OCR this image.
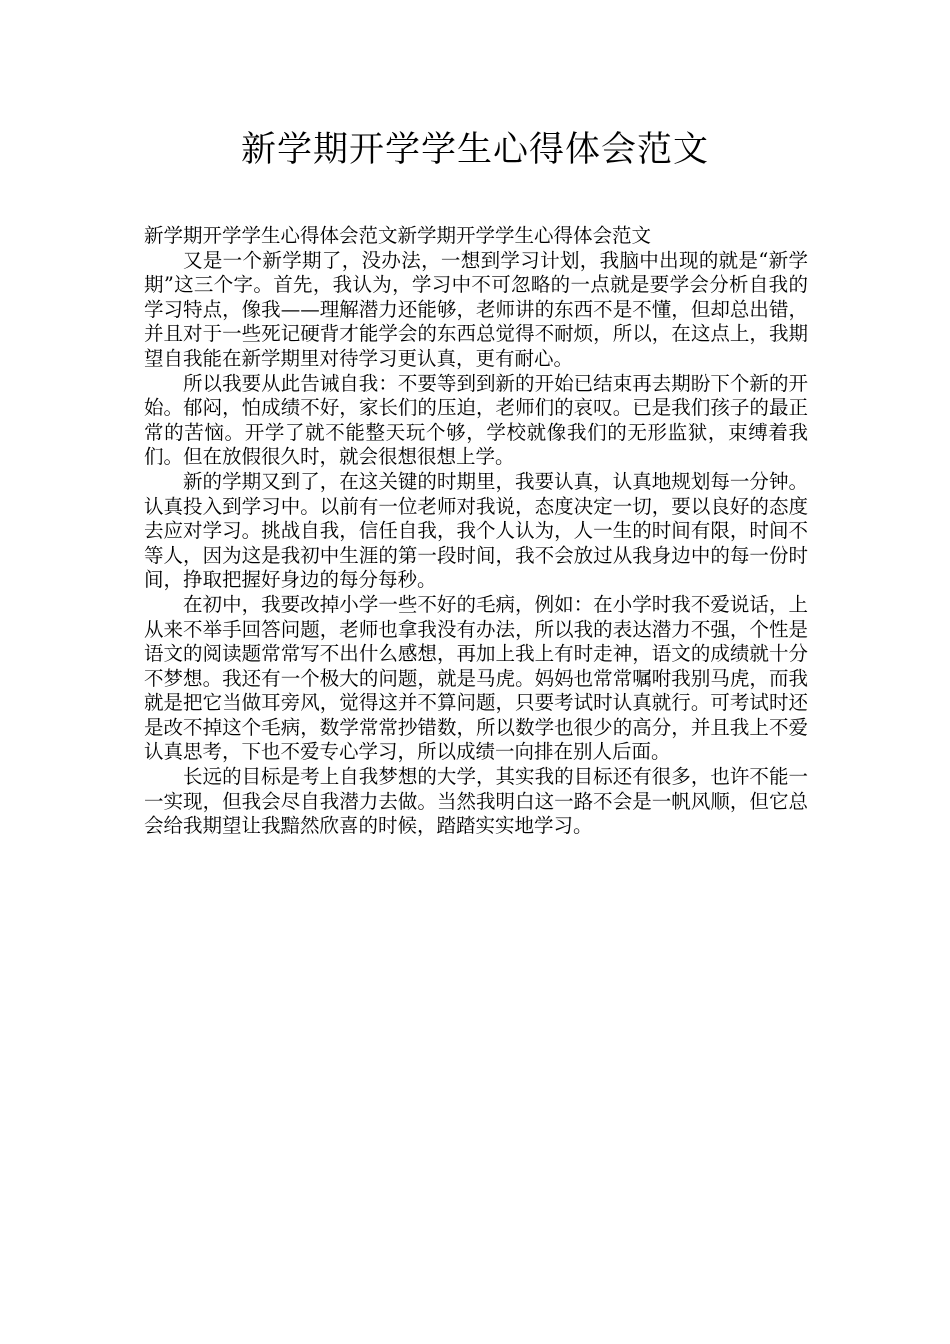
新学期开学学生心得体会范文

新学期开学学生心得体会范文新学期开学学生心得体会范文

又是一个新学期了，没办法，一想到学习计划，我脑中出现的就是“新学期”这三个字。首先，我认为，学习中不可忽略的一点就是要学会分析自我的学习特点，像我——理解潜力还能够，老师讲的东西不是不懂，但却总出错，并且对于一些死记硬背才能学会的东西总觉得不耐烦，所以，在这点上，我期望自我能在新学期里对待学习更认真，更有耐心。

所以我要从此告诫自我：不要等到到新的开始已结束再去期盼下个新的开始。郁闷，怕成绩不好，家长们的压迫，老师们的哀叹。已是我们孩子的最正常的苦恼。开学了就不能整天玩个够，学校就像我们的无形监狱，束缚着我们。但在放假很久时，就会很想很想上学。

新的学期又到了，在这关键的时期里，我要认真，认真地规划每一分钟。认真投入到学习中。以前有一位老师对我说，态度决定一切，要以良好的态度去应对学习。挑战自我，信任自我，我个人认为，人一生的时间有限，时间不等人，因为这是我初中生涯的第一段时间，我不会放过从我身边中的每一份时间，挣取把握好身边的每分每秒。

在初中，我要改掉小学一些不好的毛病，例如：在小学时我不爱说话，上从来不举手回答问题，老师也拿我没有办法，所以我的表达潜力不强，个性是语文的阅读题常常写不出什么感想，再加上我上有时走神，语文的成绩就十分不梦想。我还有一个极大的问题，就是马虎。妈妈也常常嘱咐我别马虎，而我就是把它当做耳旁风，觉得这并不算问题，只要考试时认真就行。可考试时还是改不掉这个毛病，数学常常抄错数，所以数学也很少的高分，并且我上不爱认真思考，下也不爱专心学习，所以成绩一向排在别人后面。

长远的目标是考上自我梦想的大学，其实我的目标还有很多，也许不能一一实现，但我会尽自我潜力去做。当然我明白这一路不会是一帆风顺，但它总会给我期望让我黯然欣喜的时候，踏踏实实地学习。
